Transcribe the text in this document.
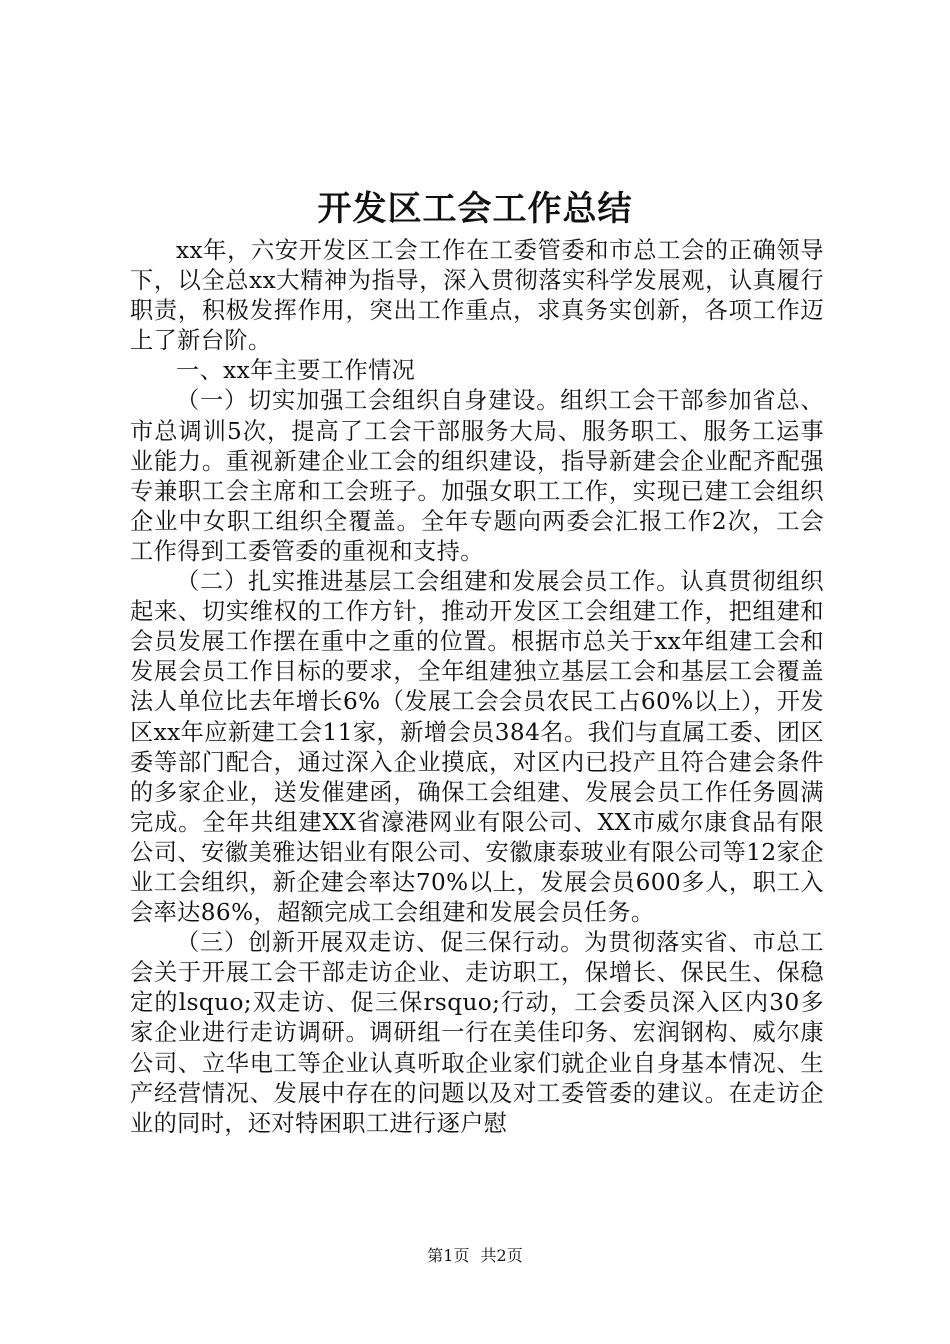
开发区工会工作总结

xx年，六安开发区工会工作在工委管委和市总工会的正确领导下，以全总xx大精神为指导，深入贯彻落实科学发展观，认真履行职责，积极发挥作用，突出工作重点，求真务实创新，各项工作迈上了新台阶。

一、xx年主要工作情况

（一）切实加强工会组织自身建设。组织工会干部参加省总、市总调训5次，提高了工会干部服务大局、服务职工、服务工运事业能力。重视新建企业工会的组织建设，指导新建会企业配齐配强专兼职工会主席和工会班子。加强女职工工作，实现已建工会组织企业中女职工组织全覆盖。全年专题向两委会汇报工作2次，工会工作得到工委管委的重视和支持。

（二）扎实推进基层工会组建和发展会员工作。认真贯彻组织起来、切实维权的工作方针，推动开发区工会组建工作，把组建和会员发展工作摆在重中之重的位置。根据市总关于xx年组建工会和发展会员工作目标的要求，全年组建独立基层工会和基层工会覆盖法人单位比去年增长6%（发展工会会员农民工占60%以上），开发区xx年应新建工会11家，新增会员384名。我们与直属工委、团区委等部门配合，通过深入企业摸底，对区内已投产且符合建会条件的多家企业，送发催建函，确保工会组建、发展会员工作任务圆满完成。全年共组建XX省濠港网业有限公司、XX市威尔康食品有限公司、安徽美雅达铝业有限公司、安徽康泰玻业有限公司等12家企业工会组织，新企建会率达70%以上，发展会员600多人，职工入会率达86%，超额完成工会组建和发展会员任务。

（三）创新开展双走访、促三保行动。为贯彻落实省、市总工会关于开展工会干部走访企业、走访职工，保增长、保民生、保稳定的lsquo;双走访、促三保rsquo;行动，工会委员深入区内30多家企业进行走访调研。调研组一行在美佳印务、宏润钢构、威尔康公司、立华电工等企业认真听取企业家们就企业自身基本情况、生产经营情况、发展中存在的问题以及对工委管委的建议。在走访企业的同时，还对特困职工进行逐户慰

第1页 共2页
